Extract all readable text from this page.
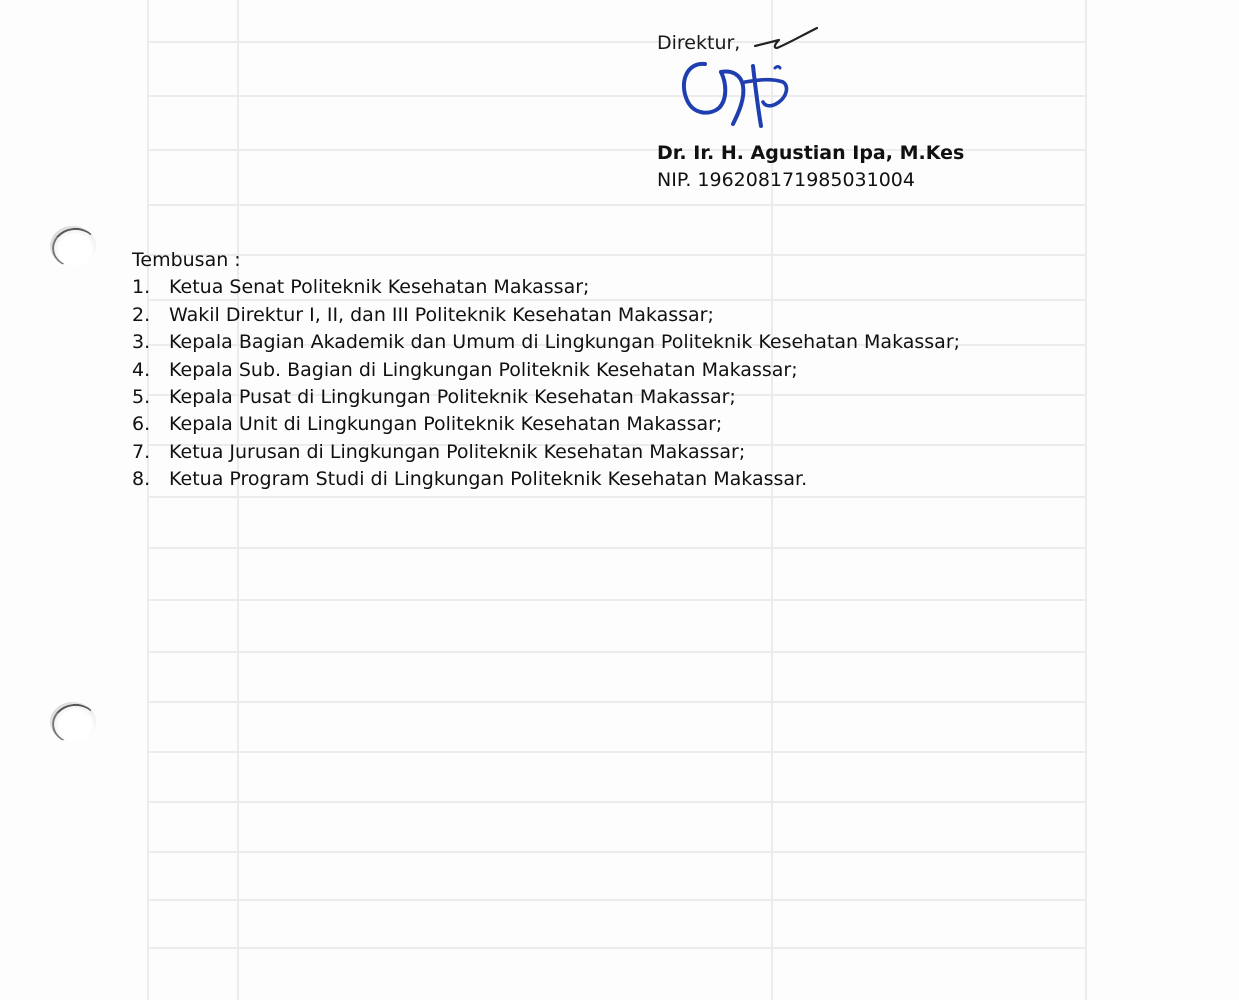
Direktur,
Dr. Ir. H. Agustian Ipa, M.Kes
NIP. 196208171985031004
Tembusan :
1. Ketua Senat Politeknik Kesehatan Makassar;
2. Wakil Direktur I, II, dan III Politeknik Kesehatan Makassar;
3. Kepala Bagian Akademik dan Umum di Lingkungan Politeknik Kesehatan Makassar;
4. Kepala Sub. Bagian di Lingkungan Politeknik Kesehatan Makassar;
5. Kepala Pusat di Lingkungan Politeknik Kesehatan Makassar;
6. Kepala Unit di Lingkungan Politeknik Kesehatan Makassar;
7. Ketua Jurusan di Lingkungan Politeknik Kesehatan Makassar;
8. Ketua Program Studi di Lingkungan Politeknik Kesehatan Makassar.
